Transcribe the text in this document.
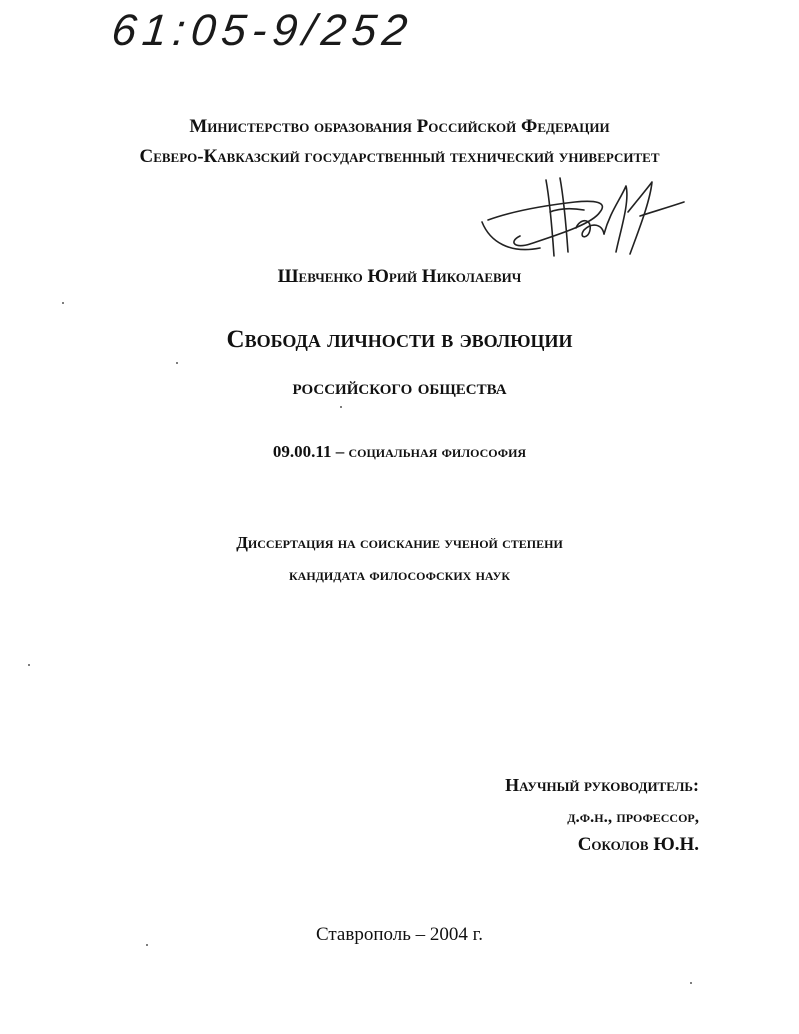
61:05-9/252
Министерство образования Российской Федерации
Северо-Кавказский государственный технический университет
Шевченко Юрий Николаевич
Свобода личности в эволюции
российского общества
09.00.11 – социальная философия
Диссертация на соискание ученой степени
кандидата философских наук
Научный руководитель:
д.ф.н., профессор,
Соколов Ю.Н.
Ставрополь – 2004 г.
